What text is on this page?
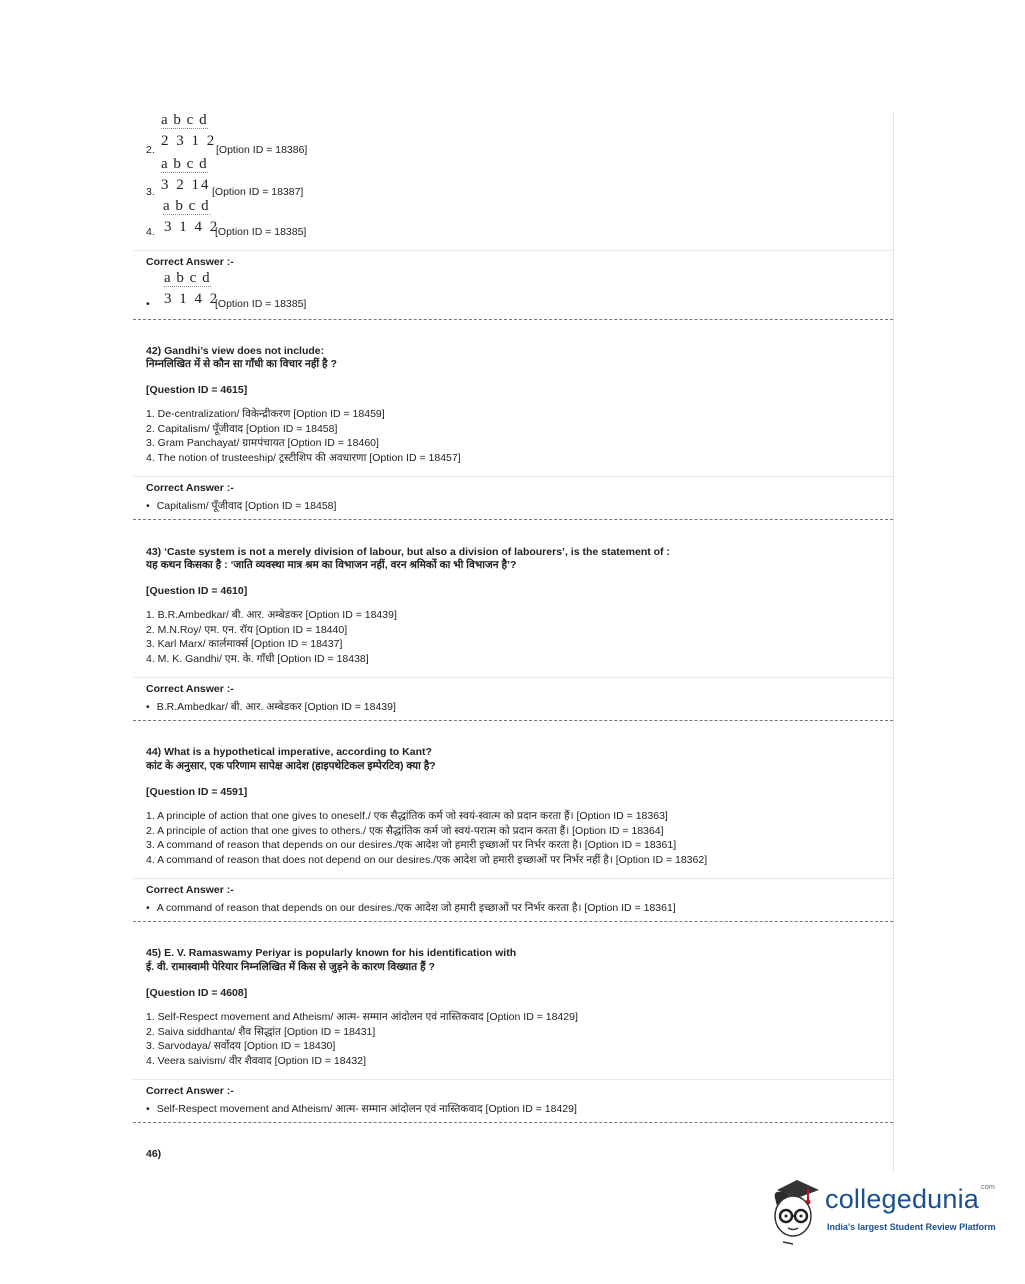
a b c d
2.
2 3 1 2
[Option ID = 18386]
a b c d
3. 3 2 14 [Option ID = 18387]
a b c d
4. 3 1 4 2
[Option ID = 18385]
Correct Answer :-
a b c d
• 3 1 4 2
[Option ID = 18385]
42) Gandhi’s view does not include:
निम्नलिखित में से कौन सा गाँधी का विचार नहीं है ?
[Question ID = 4615]
1. De-centralization/ विकेन्द्रीकरण [Option ID = 18459]
2. Capitalism/ पूँजीवाद [Option ID = 18458]
3. Gram Panchayat/ ग्रामपंचायत [Option ID = 18460]
4. The notion of trusteeship/ ट्रस्टीशिप की अवधारणा [Option ID = 18457]
Correct Answer :-
• Capitalism/ पूँजीवाद [Option ID = 18458]
43) ‘Caste system is not a merely division of labour, but also a division of labourers’, is the statement of :
यह कथन किसका है : ‘जाति व्यवस्था मात्र श्रम का विभाजन नहीं, वरन श्रमिकों का भी विभाजन है’?
[Question ID = 4610]
1. B.R.Ambedkar/ बी. आर. अम्बेडकर [Option ID = 18439]
2. M.N.Roy/ एम. एन. रॉय [Option ID = 18440]
3. Karl Marx/ कार्लमार्क्स [Option ID = 18437]
4. M. K. Gandhi/ एम. के. गाँधी [Option ID = 18438]
Correct Answer :-
• B.R.Ambedkar/ बी. आर. अम्बेडकर [Option ID = 18439]
44) What is a hypothetical imperative, according to Kant?
कांट के अनुसार, एक परिणाम सापेक्ष आदेश (हाइपथेटिकल इम्पेरटिव) क्या है?
[Question ID = 4591]
1. A principle of action that one gives to oneself./ एक सैद्धांतिक कर्म जो स्वयं-स्वात्म को प्रदान करता हैं। [Option ID = 18363]
2. A principle of action that one gives to others./ एक सैद्धांतिक कर्म जो स्वयं-परात्म को प्रदान करता हैं। [Option ID = 18364]
3. A command of reason that depends on our desires./एक आदेश जो हमारी इच्छाओं पर निर्भर करता है। [Option ID = 18361]
4. A command of reason that does not depend on our desires./एक आदेश जो हमारी इच्छाओं पर निर्भर नहीं है। [Option ID = 18362]
Correct Answer :-
• A command of reason that depends on our desires./एक आदेश जो हमारी इच्छाओं पर निर्भर करता है। [Option ID = 18361]
45) E. V. Ramaswamy Periyar is popularly known for his identification with
ई. वी. रामास्वामी पेरियार निम्नलिखित में किस से जुड़ने के कारण विख्यात हैं ?
[Question ID = 4608]
1. Self-Respect movement and Atheism/ आत्म- सम्मान आंदोलन एवं नास्तिकवाद [Option ID = 18429]
2. Saiva siddhanta/ शैव सिद्धांत [Option ID = 18431]
3. Sarvodaya/ सर्वोदय [Option ID = 18430]
4. Veera saivism/ वीर शैववाद [Option ID = 18432]
Correct Answer :-
• Self-Respect movement and Atheism/ आत्म- सम्मान आंदोलन एवं नास्तिकवाद [Option ID = 18429]
46)
collegedunia$^{.com}$
India's largest Student Review Platform
